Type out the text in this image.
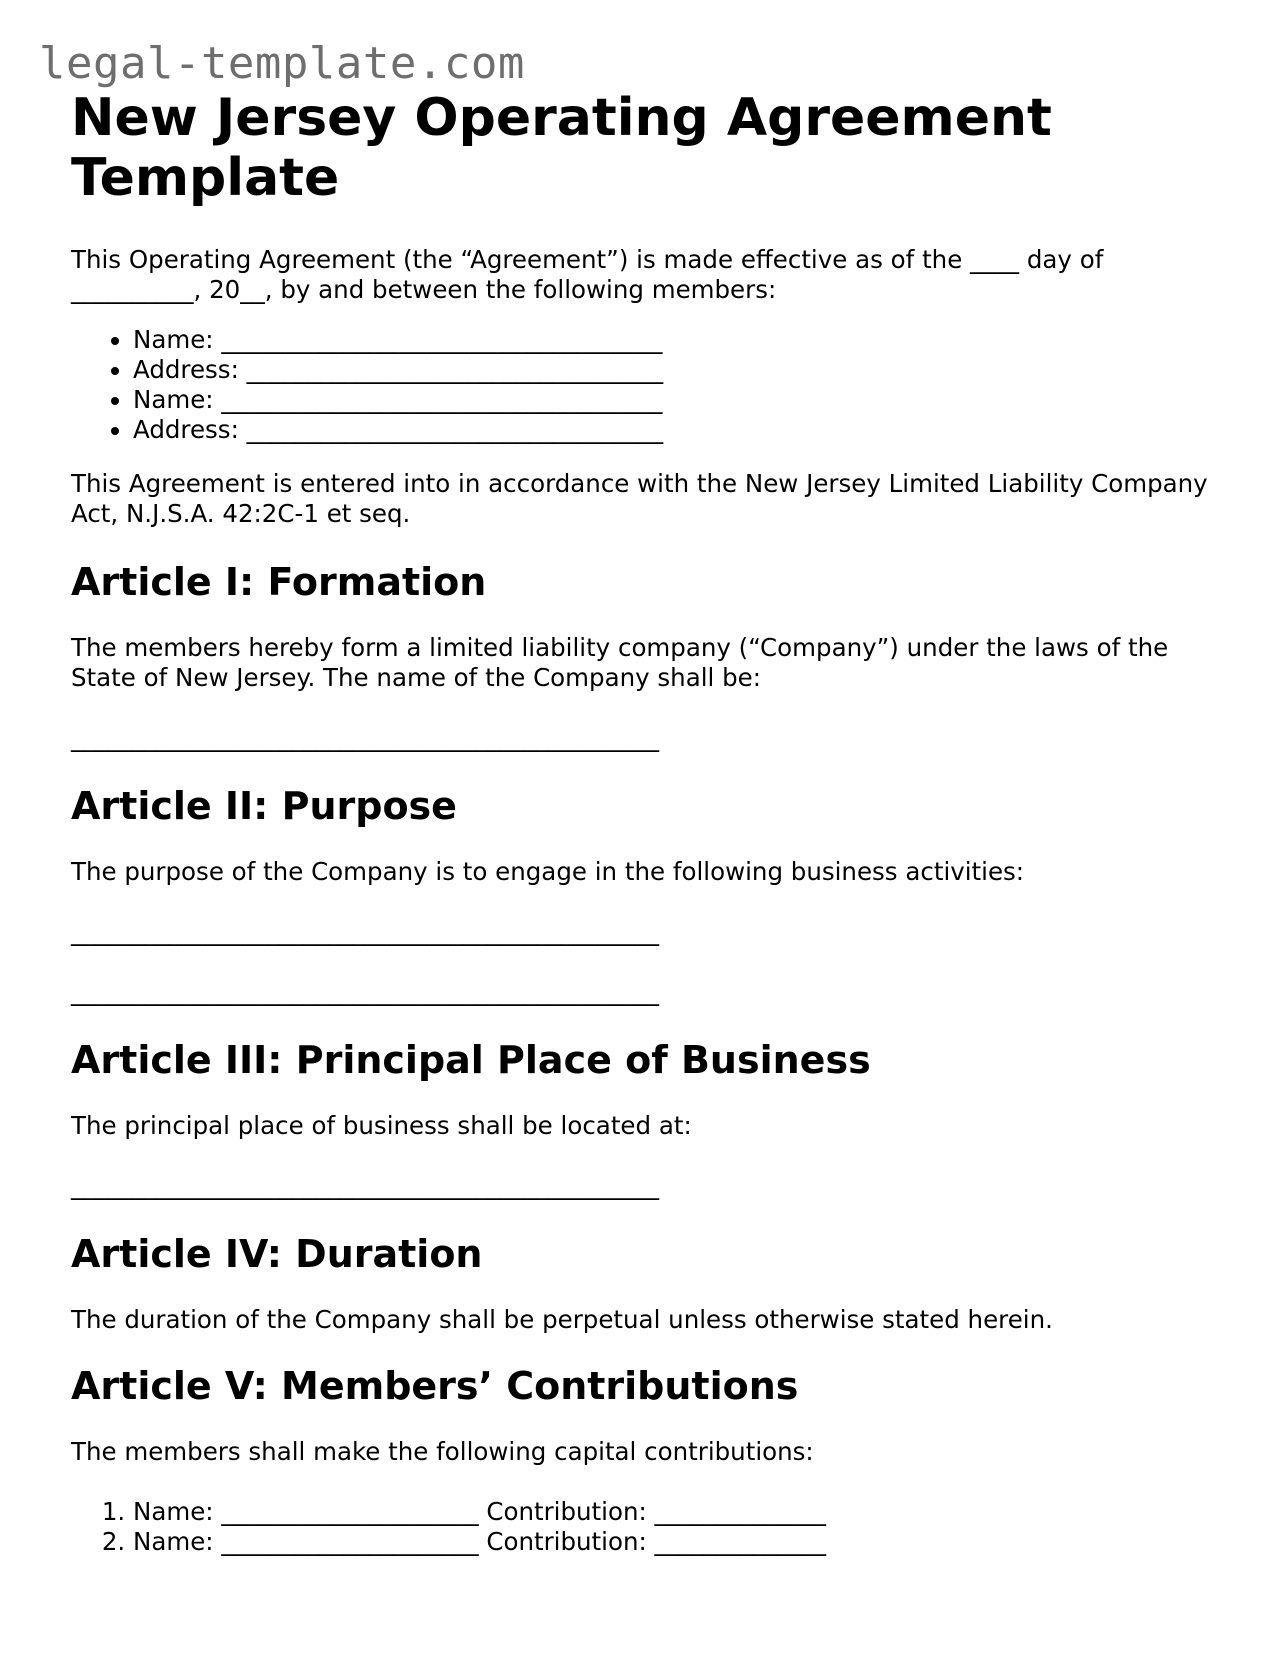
legal-template.com
New Jersey Operating Agreement Template

This Operating Agreement (the “Agreement”) is made effective as of the ____ day of __________, 20__, by and between the following members:

• Name: ____________________________________
• Address: __________________________________
• Name: ____________________________________
• Address: __________________________________

This Agreement is entered into in accordance with the New Jersey Limited Liability Company Act, N.J.S.A. 42:2C-1 et seq.

Article I: Formation

The members hereby form a limited liability company (“Company”) under the laws of the State of New Jersey. The name of the Company shall be:

________________________________________________

Article II: Purpose

The purpose of the Company is to engage in the following business activities:

________________________________________________

________________________________________________

Article III: Principal Place of Business

The principal place of business shall be located at:

________________________________________________

Article IV: Duration

The duration of the Company shall be perpetual unless otherwise stated herein.

Article V: Members’ Contributions

The members shall make the following capital contributions:

1. Name: _____________________ Contribution: ______________
2. Name: _____________________ Contribution: ______________
